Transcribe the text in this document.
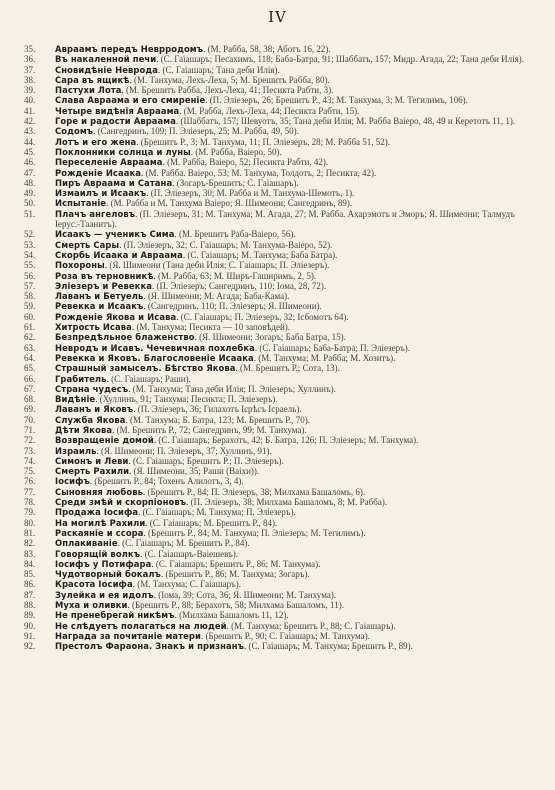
IV
35.	Авраамъ передъ Неврродомъ. (М. Рабба, 58, 38; Аботъ 16, 22).
36.	Въ накаленной печи. (С. Гаіашаръ; Песахимъ, 118; Баба-Батра, 91; Шаббатъ, 157; Мидр. Агада, 22; Тана деби Илія).
37.	Сновидѣніе Неврода. (С. Гаіашаръ; Тана деби Илія).
38.	Сара въ ящикѣ. (М. Танхума, Лехъ-Леха, 5; М. Брешитъ Рабба, 80).
39.	Пастухи Лота. (М. Брешитъ Рабба, Лехъ-Леха, 41; Песикта Рабти, 3).
40.	Слава Авраама и его смиреніе. (П. Эліезеръ, 26; Брешитъ Р., 43; М. Танхума, 3; М. Тегилимъ, 106).
41.	Четыре видѣнія Авраама. (М. Рабба, Лехъ-Леха, 44; Песикта Рабти, 15).
42.	Горе и радости Авраама. (Шаббатъ, 157; Шевуотъ, 35; Тана деби Илія; М. Рабба Ваіеро, 48, 49 и Керетотъ 11, 1).
43.	Содомъ. (Сангедринъ, 109; П. Эліезеръ, 25; М. Рабба, 49, 50).
44.	Лотъ и его жена. (Брешитъ Р., 3; М. Танхума, 11; П. Эліезеръ, 28; М. Рабба 51, 52).
45.	Поклонники солнца и луны. (М. Рабба, Ваіеро, 50).
46.	Переселеніе Авраама. (М. Рабба, Ваіеро, 52; Песикта Рабти, 42).
47.	Рожденіе Исаака. (М. Рабба. Ваіеро, 53; М. Танхума, Толдотъ, 2; Песикта, 42).
48.	Пиръ Авраама и Сатана. (Зогаръ-Брешитъ; С. Гаіашаръ).
49.	Измаилъ и Исаакъ. (П. Эліезеръ, 30; М. Рабба и М. Танхума-Шемотъ, 1).
50.	Испытаніе. (М. Рабба и М. Танхума Ваіеро; Я. Шимеони; Сангедринъ, 89).
51.	Плачъ ангеловъ. (П. Эліезеръ, 31; М. Танхума; М. Агада, 27; М. Рабба. Ахарэмотъ и Эморъ; Я. Шимеони; Талмудъ Іерус.-Таанитъ).
52.	Исаакъ — ученикъ Сима. (М. Брешитъ Раба-Ваіеро, 56).
53.	Смерть Сары. (П. Эліезеръ, 32; С. Гаіашаръ; М. Танхума-Ваіеро, 52).
54.	Скорбь Исаака и Авраама. (С. Гаіашаръ; М. Танхума; Баба Батра).
55.	Похороны. (Я. Шимеони (Тана деби Илія; С. Гаіашаръ; П. Эліезеръ).
56.	Роза въ терновникѣ. (М. Рабба, 63; М. Ширъ-Гаширимъ, 2, 5).
57.	Эліезеръ и Ревекка. (П. Эліезеръ; Сангедринъ, 110; Іома, 28, 72).
58.	Лаванъ и Бетуель. (Я. Шимеони; М. Агада; Баба-Кама).
59.	Ревекка и Исаакъ. (Сангедринъ, 110; П. Эліезеръ; Я. Шимеони).
60.	Рожденіе Якова и Исава. (С. Гаіашаръ; П. Эліезеръ, 32; Ісбомотъ 64).
61.	Хитрость Исава. (М. Танхума; Песикта — 10 заповѣдей).
62.	Безпредѣльное блаженство. (Я. Шимеони; Зогаръ; Баба Батра, 15).
63.	Невродъ и Исавъ. Чечевичная похлебка. (С. Гаіашаръ; Баба-Батра; П. Эліезеръ).
64.	Ревекка и Яковъ. Благословеніе Исаака. (М. Танхума; М. Рабба; М. Хозитъ).
65.	Страшный замыселъ. Бѣгство Якова. (М. Брешитъ Р.; Сота, 13).
66.	Грабитель. (С. Гаіашаръ; Раши).
67.	Страна чудесъ. (М. Танхума; Тана деби Илія; П. Эліезеръ; Хуллинъ).
68.	Видѣніе. (Хуллинъ, 91; Танхума; Песикта; П. Эліезеръ).
69.	Лаванъ и Яковъ. (П. Эліезеръ, 36; Гилахотъ Ієрѣсъ Ісраель).
70.	Служба Якова. (М. Танхума; Б. Батра, 123; М. Брешитъ Р., 70).
71.	Дѣти Якова. (М. Брешитъ Р., 72; Сангедринъ, 99; М. Танхума).
72.	Возвращеніе домой. (С. Гаіашаръ; Берахотъ, 42; Б. Батра, 126; П. Эліезеръ; М. Танхума).
73.	Израиль. (Я. Шимеони; П. Эліезеръ, 37; Хуллинъ, 91).
74.	Симонъ и Леви. (С. Гаіашаръ; Брешитъ Р.; П. Эліезеръ).
75.	Смерть Рахили. (Я. Шимеони, 35; Раши (Ваіхи)).
76.	Іосифъ. (Брешитъ Р., 84; Тохенъ Алилотъ, 3, 4).
77.	Сыновняя любовь. (Брешитъ Р., 84; П. Эліезеръ, 38; Милхама Башаломъ, 6).
78.	Среди змѣй и скорпіоновъ. (П. Эліезеръ, 38; Милхама Башаломъ, 8; М. Рабба).
79.	Продажа Іосифа. (С. Гаіашаръ; М. Танхума; П. Эліезеръ).
80.	На могилѣ Рахили. (С. Гаіашаръ; М. Брешитъ Р., 84).
81.	Раскаяніе и ссора. (Брешитъ Р., 84; М. Танхума; П. Эліезеръ; М. Тегилимъ).
82.	Оплакиваніе. (С. Гаіашаръ; М. Брешитъ Р., 84).
83.	Говорящій волкъ. (С. Гаіашаръ-Ваіешевъ).
84.	Іосифъ у Потифара. (С. Гаіашаръ; Брешитъ Р., 86; М. Танхума).
85.	Чудотворный бокалъ. (Брешитъ Р., 86; М. Танхума; Зогаръ).
86.	Красота Іосифа. (М. Танхума; С. Гаіашаръ).
87.	Зулейка и ея идолъ. (Іома, 39; Сота, 36; Я. Шимеони; М. Танхума).
88.	Муха и оливки. (Брешитъ Р., 88; Берахотъ, 58; Милхама Башаломъ, 11).
89.	Не пренебрегай никѣмъ. (Милхама Башаломъ 11, 12).
90.	Не слѣдуетъ полагаться на людей. (М. Танхума; Брешитъ Р., 88; С. Гаіашаръ).
91.	Награда за почитаніе матери. (Брешитъ Р., 90; С. Гаіашаръ; М. Танхума).
92.	Престолъ Фараона. Знакъ и признанъ. (С. Гаіашаръ; М. Танхума; Брешитъ Р., 89).
